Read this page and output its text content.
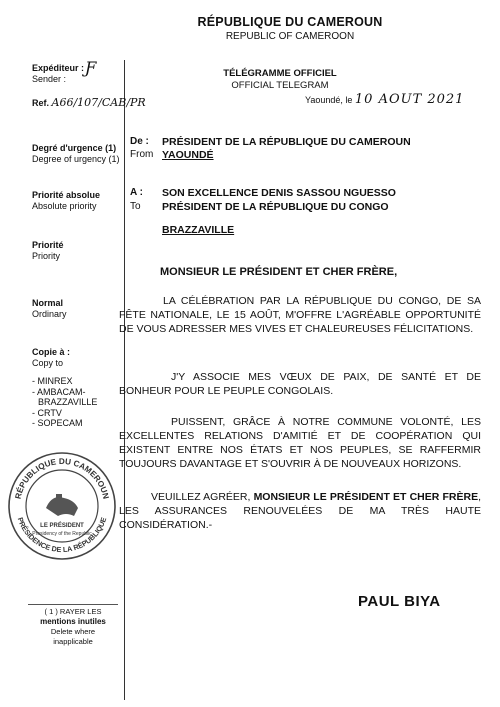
RÉPUBLIQUE DU CAMEROUN
REPUBLIC OF CAMEROON
Expéditeur :
Sender :
Ƒ
Ref. A66/107/CAB/PR
Degré d'urgence (1)
Degree of urgency (1)
Priorité absolue
Absolute priority
Priorité
Priority
Normal
Ordinary
Copie à :
Copy to
- MINREX
- AMBACAM-
BRAZZAVILLE
- CRTV
- SOPECAM
RÉPUBLIQUE DU CAMEROUN
PRÉSIDENCE DE LA RÉPUBLIQUE
LE PRÉSIDENT
Presidency of the Republic
TÉLÉGRAMME OFFICIEL
OFFICIAL TELEGRAM
Yaoundé, le 10 AOUT 2021
De :
From
PRÉSIDENT DE LA RÉPUBLIQUE DU CAMEROUN
YAOUNDÉ
A :
To
SON EXCELLENCE DENIS SASSOU NGUESSO
PRÉSIDENT DE LA RÉPUBLIQUE DU CONGO
BRAZZAVILLE
MONSIEUR LE PRÉSIDENT ET CHER FRÈRE,
LA CÉLÉBRATION PAR LA RÉPUBLIQUE DU CONGO, DE SA FÊTE NATIONALE, LE 15 AOÛT, M'OFFRE L'AGRÉABLE OPPORTUNITÉ DE VOUS ADRESSER MES VIVES ET CHALEUREUSES FÉLICITATIONS.
J'Y ASSOCIE MES VŒUX DE PAIX, DE SANTÉ ET DE BONHEUR POUR LE PEUPLE CONGOLAIS.
PUISSENT, GRÂCE À NOTRE COMMUNE VOLONTÉ, LES EXCELLENTES RELATIONS D'AMITIÉ ET DE COOPÉRATION QUI EXISTENT ENTRE NOS ÉTATS ET NOS PEUPLES, SE RAFFERMIR TOUJOURS DAVANTAGE ET S'OUVRIR À DE NOUVEAUX HORIZONS.
VEUILLEZ AGRÉER, MONSIEUR LE PRÉSIDENT ET CHER FRÈRE, LES ASSURANCES RENOUVELÉES DE MA TRÈS HAUTE CONSIDÉRATION.-
PAUL BIYA
( 1 ) RAYER LES
mentions inutiles
Delete where
inapplicable
